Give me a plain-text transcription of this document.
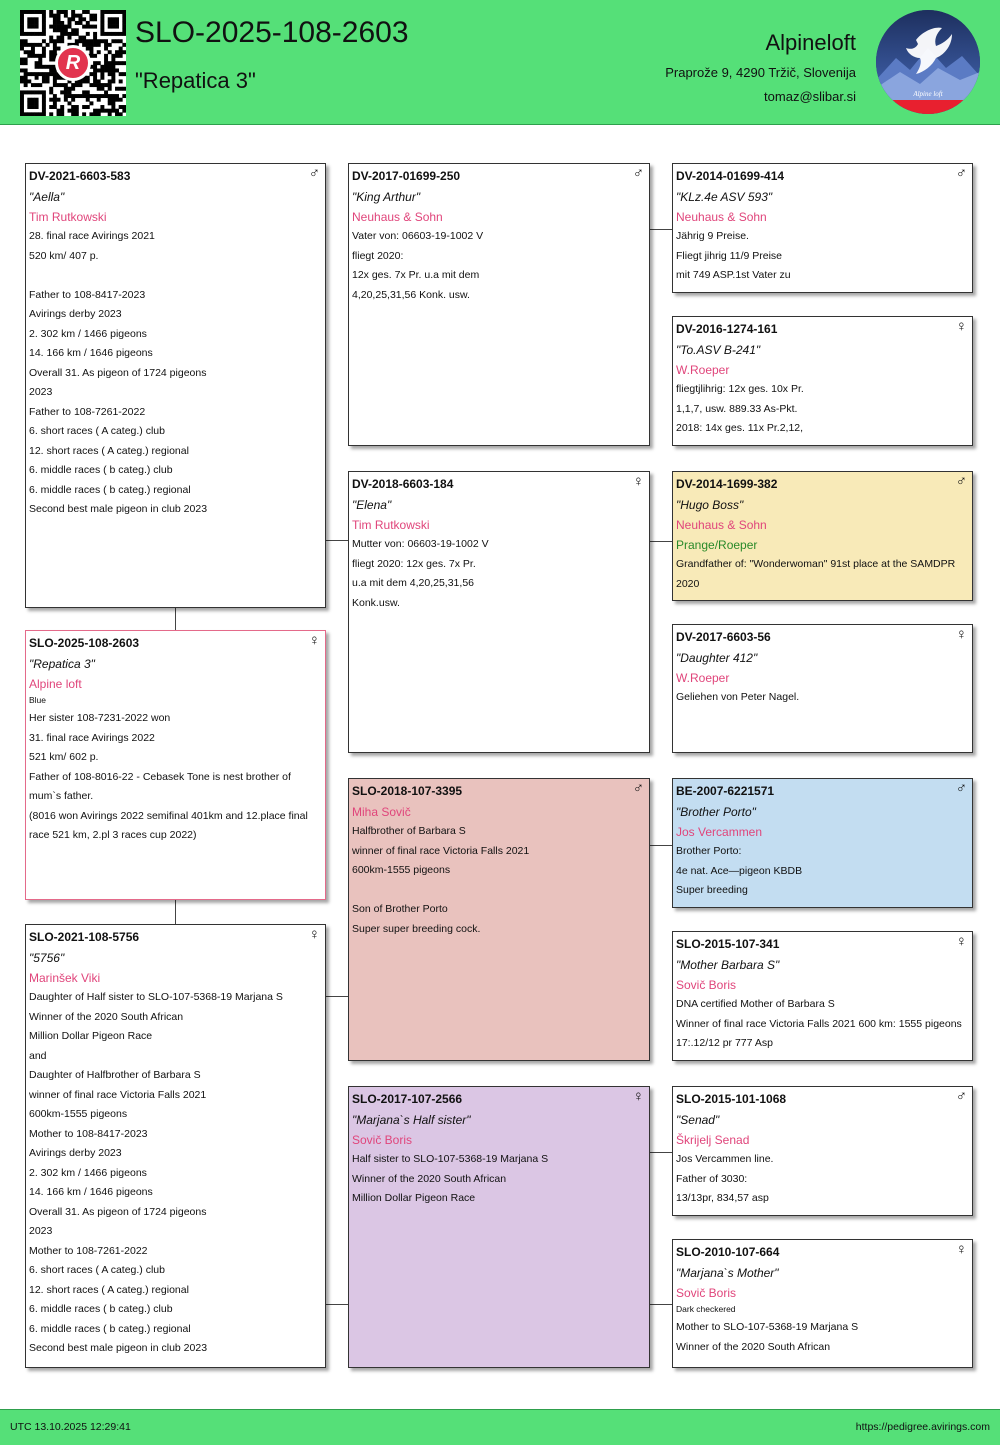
R
SLO-2025-108-2603
"Repatica 3"
Alpineloft
Praprože 9, 4290 Tržič, Slovenija
tomaz@slibar.si	Alpine loft
DV-2021-6603-583	♂
"Aella"
Tim Rutkowski
28. final race Avirings 2021
520 km/ 407 p.
Father to 108-8417-2023
Avirings derby 2023
2. 302 km / 1466 pigeons
14. 166 km / 1646 pigeons
Overall 31. As pigeon of 1724 pigeons
2023
Father to 108-7261-2022
6. short races ( A categ.) club
12. short races ( A categ.) regional
6. middle races ( b categ.) club
6. middle races ( b categ.) regional
Second best male pigeon in club 2023
SLO-2025-108-2603	♀
"Repatica 3"
Alpine loft
Blue
Her sister 108-7231-2022 won
31. final race Avirings 2022
521 km/ 602 p.
Father of 108-8016-22 - Cebasek Tone is nest brother of
mum`s father.
(8016 won Avirings 2022 semifinal 401km and 12.place final
race 521 km, 2.pl 3 races cup 2022)
SLO-2021-108-5756	♀
"5756"
Marinšek Viki
Daughter of Half sister to SLO-107-5368-19 Marjana S
Winner of the 2020 South African
Million Dollar Pigeon Race
and
Daughter of Halfbrother of Barbara S
winner of final race Victoria Falls 2021
600km-1555 pigeons
Mother to 108-8417-2023
Avirings derby 2023
2. 302 km / 1466 pigeons
14. 166 km / 1646 pigeons
Overall 31. As pigeon of 1724 pigeons
2023
Mother to 108-7261-2022
6. short races ( A categ.) club
12. short races ( A categ.) regional
6. middle races ( b categ.) club
6. middle races ( b categ.) regional
Second best male pigeon in club 2023
DV-2017-01699-250	♂
"King Arthur"
Neuhaus & Sohn
Vater von: 06603-19-1002 V
fliegt 2020:
12x ges. 7x Pr. u.a mit dem
4,20,25,31,56 Konk. usw.
DV-2018-6603-184	♀
"Elena"
Tim Rutkowski
Mutter von: 06603-19-1002 V
fliegt 2020: 12x ges. 7x Pr.
u.a mit dem 4,20,25,31,56
Konk.usw.
SLO-2018-107-3395	♂
Miha Sovič
Halfbrother of Barbara S
winner of final race Victoria Falls 2021
600km-1555 pigeons
Son of Brother Porto
Super super breeding cock.
SLO-2017-107-2566	♀
"Marjana`s Half sister"
Sovič Boris
Half sister to SLO-107-5368-19 Marjana S
Winner of the 2020 South African
Million Dollar Pigeon Race
DV-2014-01699-414	♂
"KLz.4e ASV 593"
Neuhaus & Sohn
Jährig 9 Preise.
Fliegt jihrig 11/9 Preise
mit 749 ASP.1st Vater zu
DV-2016-1274-161	♀
"To.ASV B-241"
W.Roeper
fliegtjlihrig: 12x ges. 10x Pr.
1,1,7, usw. 889.33 As-Pkt.
2018: 14x ges. 11x Pr.2,12,
DV-2014-1699-382	♂
"Hugo Boss"
Neuhaus & Sohn
Prange/Roeper
Grandfather of: "Wonderwoman" 91st place at the SAMDPR
2020
DV-2017-6603-56	♀
"Daughter 412"
W.Roeper
Geliehen von Peter Nagel.
BE-2007-6221571	♂
"Brother Porto"
Jos Vercammen
Brother Porto:
4e nat. Ace—pigeon KBDB
Super breeding
SLO-2015-107-341	♀
"Mother Barbara S"
Sovič Boris
DNA certified Mother of Barbara S
Winner of final race Victoria Falls 2021 600 km: 1555 pigeons
17:.12/12 pr 777 Asp
SLO-2015-101-1068	♂
"Senad"
Škrijelj Senad
Jos Vercammen line.
Father of 3030:
13/13pr, 834,57 asp
SLO-2010-107-664	♀
"Marjana`s Mother"
Sovič Boris
Dark checkered
Mother to SLO-107-5368-19 Marjana S
Winner of the 2020 South African
UTC 13.10.2025 12:29:41	https://pedigree.avirings.com
